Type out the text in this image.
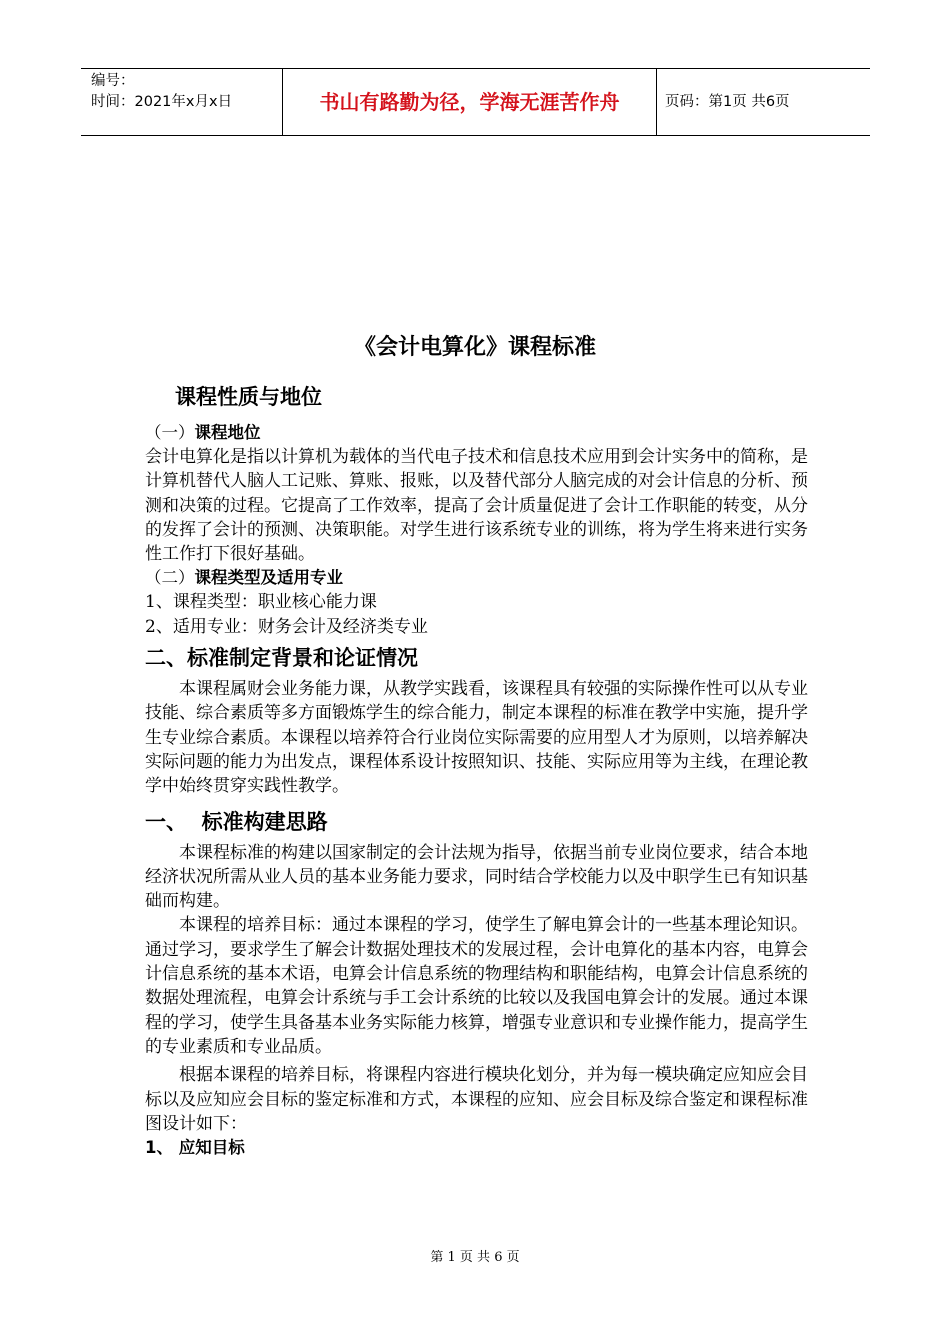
编号：
时间：2021年x月x日	书山有路勤为径，学海无涯苦作舟	页码：第1页 共6页
《会计电算化》课程标准

课程性质与地位

（一）课程地位

会计电算化是指以计算机为载体的当代电子技术和信息技术应用到会计实务中的简称，是计算机替代人脑人工记账、算账、报账，以及替代部分人脑完成的对会计信息的分析、预测和决策的过程。它提高了工作效率，提高了会计质量促进了会计工作职能的转变，从分的发挥了会计的预测、决策职能。对学生进行该系统专业的训练，将为学生将来进行实务性工作打下很好基础。

（二）课程类型及适用专业

1、课程类型：职业核心能力课

2、适用专业：财务会计及经济类专业

二、标准制定背景和论证情况

本课程属财会业务能力课，从教学实践看，该课程具有较强的实际操作性可以从专业技能、综合素质等多方面锻炼学生的综合能力，制定本课程的标准在教学中实施，提升学生专业综合素质。本课程以培养符合行业岗位实际需要的应用型人才为原则，以培养解决实际问题的能力为出发点，课程体系设计按照知识、技能、实际应用等为主线，在理论教学中始终贯穿实践性教学。

一、  标准构建思路

本课程标准的构建以国家制定的会计法规为指导，依据当前专业岗位要求，结合本地经济状况所需从业人员的基本业务能力要求，同时结合学校能力以及中职学生已有知识基础而构建。

本课程的培养目标：通过本课程的学习，使学生了解电算会计的一些基本理论知识。通过学习，要求学生了解会计数据处理技术的发展过程，会计电算化的基本内容，电算会计信息系统的基本术语，电算会计信息系统的物理结构和职能结构，电算会计信息系统的数据处理流程，电算会计系统与手工会计系统的比较以及我国电算会计的发展。通过本课程的学习，使学生具备基本业务实际能力核算，增强专业意识和专业操作能力，提高学生的专业素质和专业品质。

根据本课程的培养目标，将课程内容进行模块化划分，并为每一模块确定应知应会目标以及应知应会目标的鉴定标准和方式，本课程的应知、应会目标及综合鉴定和课程标准图设计如下：

1、 应知目标

第 1 页 共 6 页
